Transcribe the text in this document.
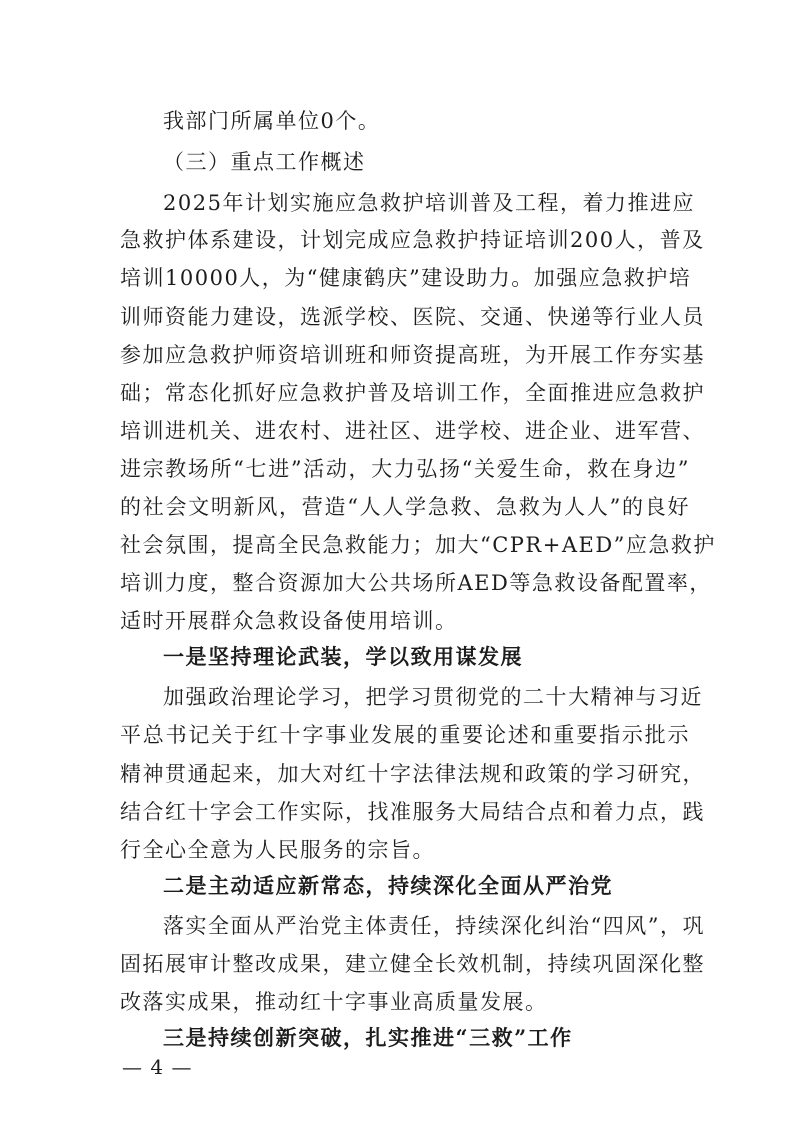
我部门所属单位0个。
（三）重点工作概述
2025年计划实施应急救护培训普及工程，着力推进应
急救护体系建设，计划完成应急救护持证培训200人，普及
培训10000人，为“健康鹤庆”建设助力。加强应急救护培
训师资能力建设，选派学校、医院、交通、快递等行业人员
参加应急救护师资培训班和师资提高班，为开展工作夯实基
础；常态化抓好应急救护普及培训工作，全面推进应急救护
培训进机关、进农村、进社区、进学校、进企业、进军营、
进宗教场所“七进”活动，大力弘扬“关爱生命，救在身边”
的社会文明新风，营造“人人学急救、急救为人人”的良好
社会氛围，提高全民急救能力；加大“CPR+AED”应急救护
培训力度，整合资源加大公共场所AED等急救设备配置率，
适时开展群众急救设备使用培训。
一是坚持理论武装，学以致用谋发展
加强政治理论学习，把学习贯彻党的二十大精神与习近
平总书记关于红十字事业发展的重要论述和重要指示批示
精神贯通起来，加大对红十字法律法规和政策的学习研究，
结合红十字会工作实际，找准服务大局结合点和着力点，践
行全心全意为人民服务的宗旨。
二是主动适应新常态，持续深化全面从严治党
落实全面从严治党主体责任，持续深化纠治“四风”，巩
固拓展审计整改成果，建立健全长效机制，持续巩固深化整
改落实成果，推动红十字事业高质量发展。
三是持续创新突破，扎实推进“三救”工作
— 4 —
